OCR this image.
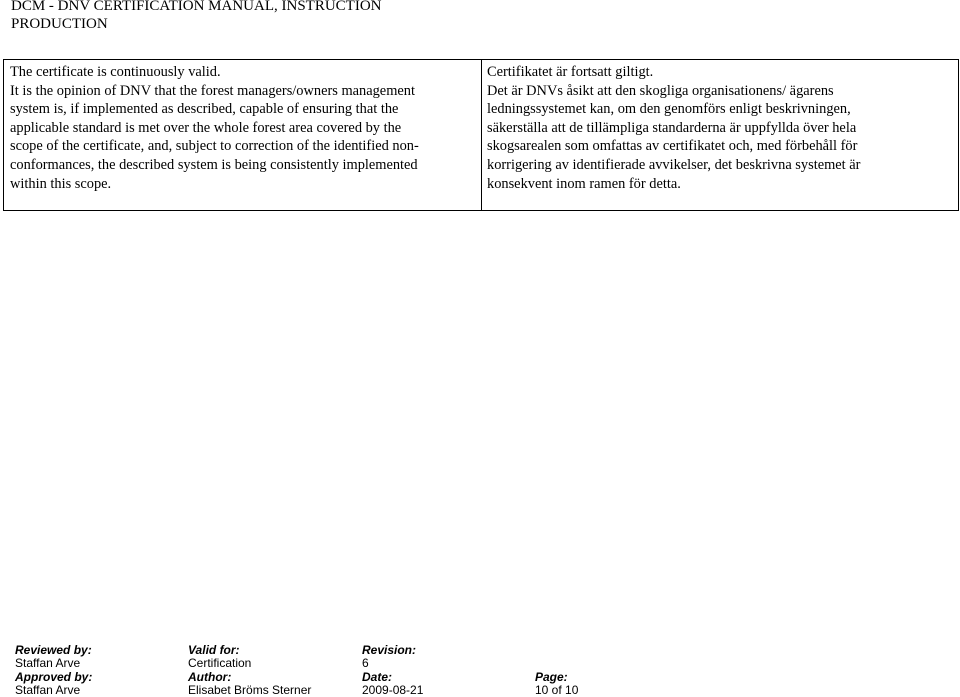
DCM - DNV CERTIFICATION MANUAL, INSTRUCTION
PRODUCTION

The certificate is continuously valid.

It is the opinion of DNV that the forest managers/owners management

system is, if implemented as described, capable of ensuring that the

applicable standard is met over the whole forest area covered by the

scope of the certificate, and, subject to correction of the identified non-

conformances, the described system is being consistently implemented

within this scope.

Certifikatet är fortsatt giltigt.

Det är DNVs åsikt att den skogliga organisationens/ ägarens

ledningssystemet kan, om den genomförs enligt beskrivningen,

säkerställa att de tillämpliga standarderna är uppfyllda över hela

skogsarealen som omfattas av certifikatet och, med förbehåll för

korrigering av identifierade avvikelser, det beskrivna systemet är

konsekvent inom ramen för detta.

Reviewed by:	Valid for:	Revision:
Staffan Arve	Certification	6
Approved by:	Author:	Date:	Page:
Staffan Arve	Elisabet Bröms Sterner	2009-08-21	10 of 10
